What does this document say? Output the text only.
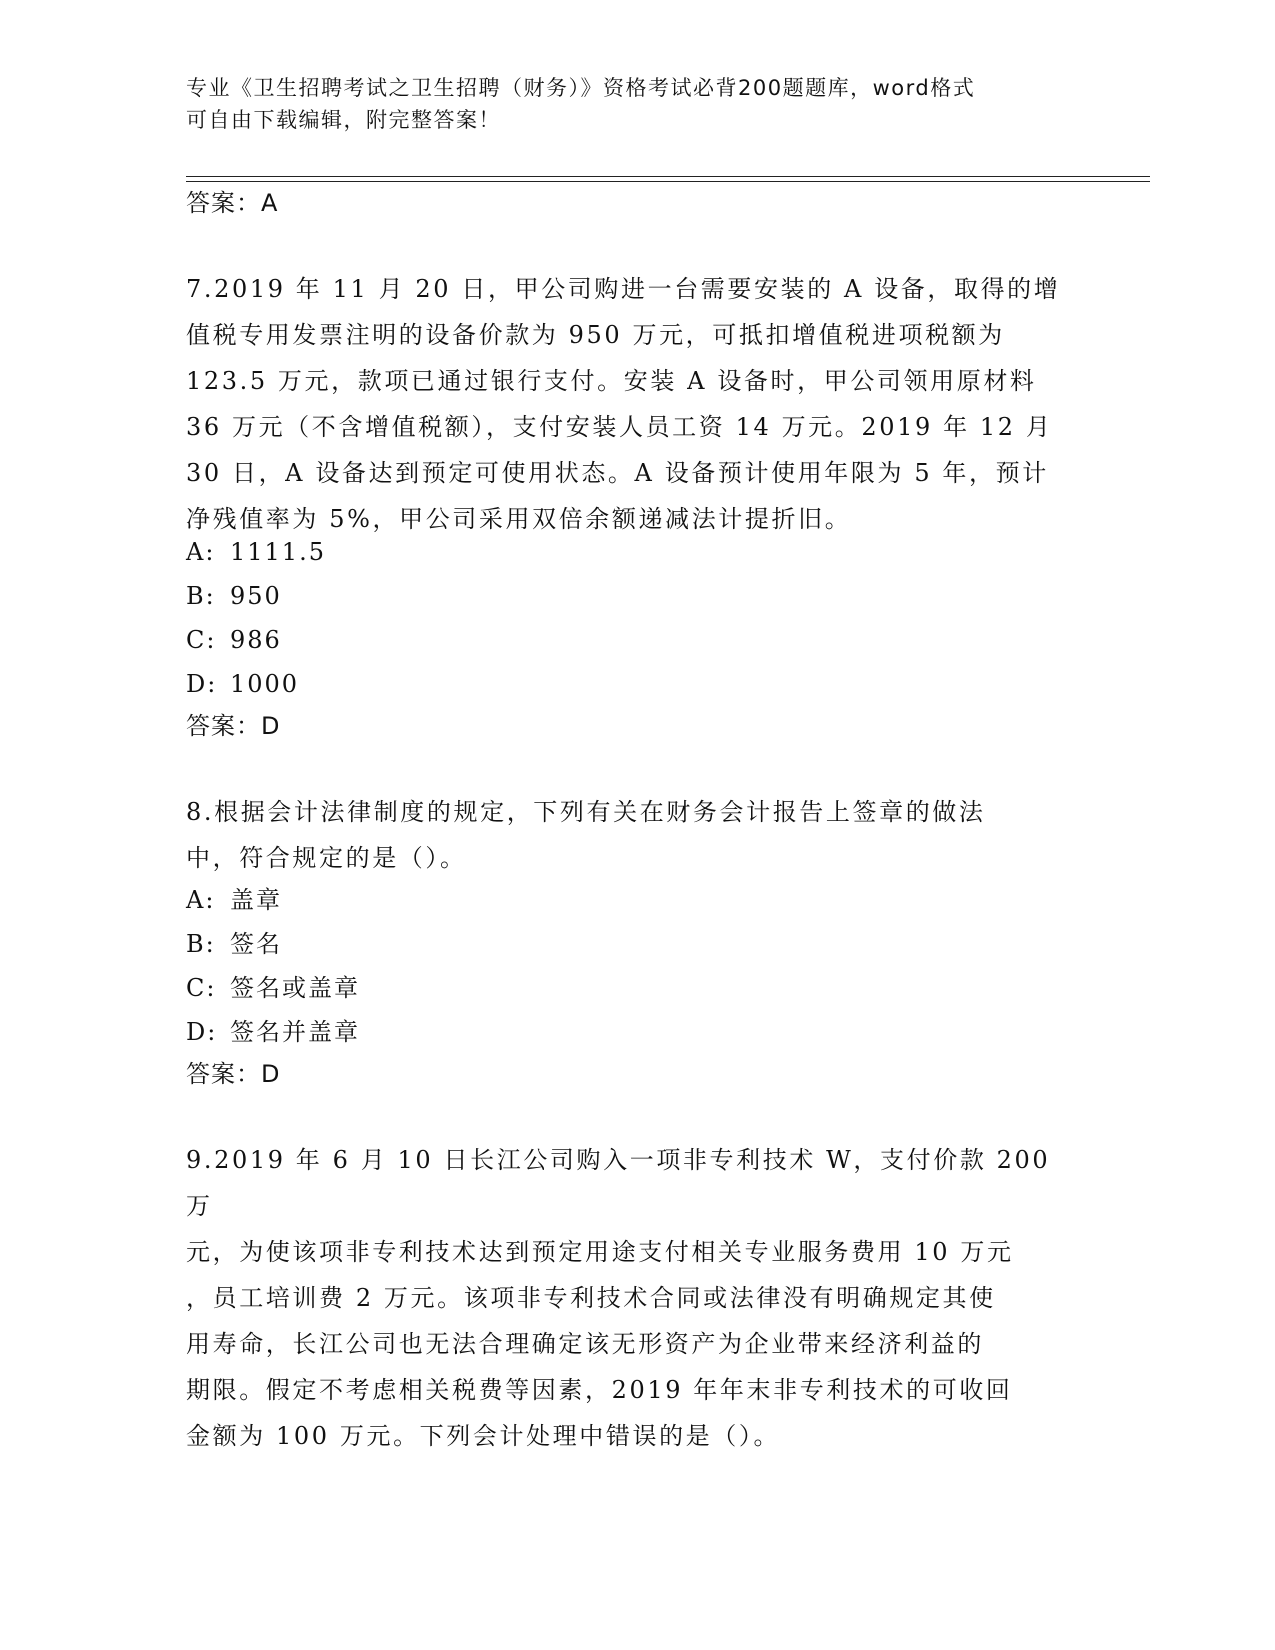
专业《卫生招聘考试之卫生招聘（财务）》资格考试必背200题题库，word格式
可自由下载编辑，附完整答案！
答案：A
7.2019 年 11 月 20 日，甲公司购进一台需要安装的 A 设备，取得的增
值税专用发票注明的设备价款为 950 万元，可抵扣增值税进项税额为
123.5 万元，款项已通过银行支付。安装 A 设备时，甲公司领用原材料
36 万元（不含增值税额），支付安装人员工资 14 万元。2019 年 12 月
30 日，A 设备达到预定可使用状态。A 设备预计使用年限为 5 年，预计
净残值率为 5%，甲公司采用双倍余额递减法计提折旧。
A: 1111.5
B: 950
C: 986
D: 1000
答案：D
8.根据会计法律制度的规定，下列有关在财务会计报告上签章的做法
中，符合规定的是（）。
A: 盖章
B: 签名
C: 签名或盖章
D: 签名并盖章
答案：D
9.2019 年 6 月 10 日长江公司购入一项非专利技术 W，支付价款 200 万
元，为使该项非专利技术达到预定用途支付相关专业服务费用 10 万元
，员工培训费 2 万元。该项非专利技术合同或法律没有明确规定其使
用寿命，长江公司也无法合理确定该无形资产为企业带来经济利益的
期限。假定不考虑相关税费等因素，2019 年年末非专利技术的可收回
金额为 100 万元。下列会计处理中错误的是（）。
